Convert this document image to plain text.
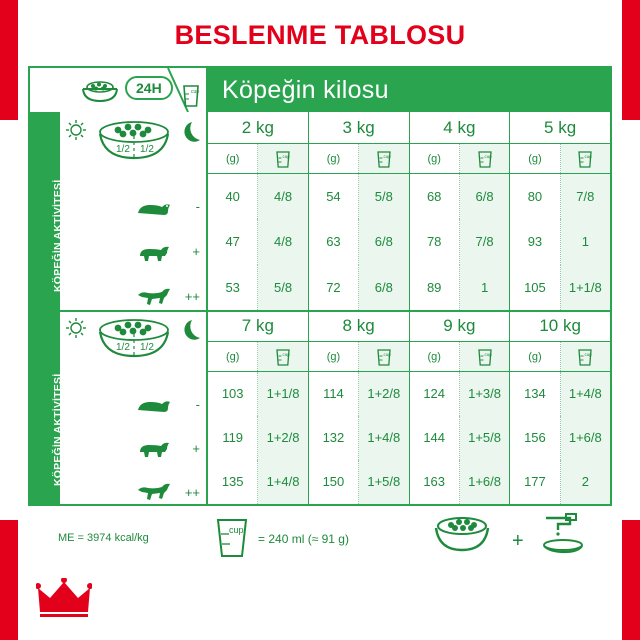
BESLENME TABLOSU
24H	cup Köpeğin kilosu
KÖPEĞİN AKTİVİTESİ
1/2 1/2
-
+
++
2 kg	3 kg	4 kg	5 kg
(g)	cup	(g)	cup	(g)	cup	(g)	cup
40	4/8	54	5/8	68	6/8	80	7/8
47	4/8	63	6/8	78	7/8	93	1
53	5/8	72	6/8	89	1	105	1+1/8
KÖPEĞİN AKTİVİTESİ
1/2 1/2
-
+
++
7 kg	8 kg	9 kg	10 kg
(g)	cup	(g)	cup	(g)	cup	(g)	cup
103	1+1/8	114	1+2/8	124	1+3/8	134	1+4/8
119	1+2/8	132	1+4/8	144	1+5/8	156	1+6/8
135	1+4/8	150	1+5/8	163	1+6/8	177	2
ME = 3974 kcal/kg
cup
= 240 ml (≈ 91 g)	+
